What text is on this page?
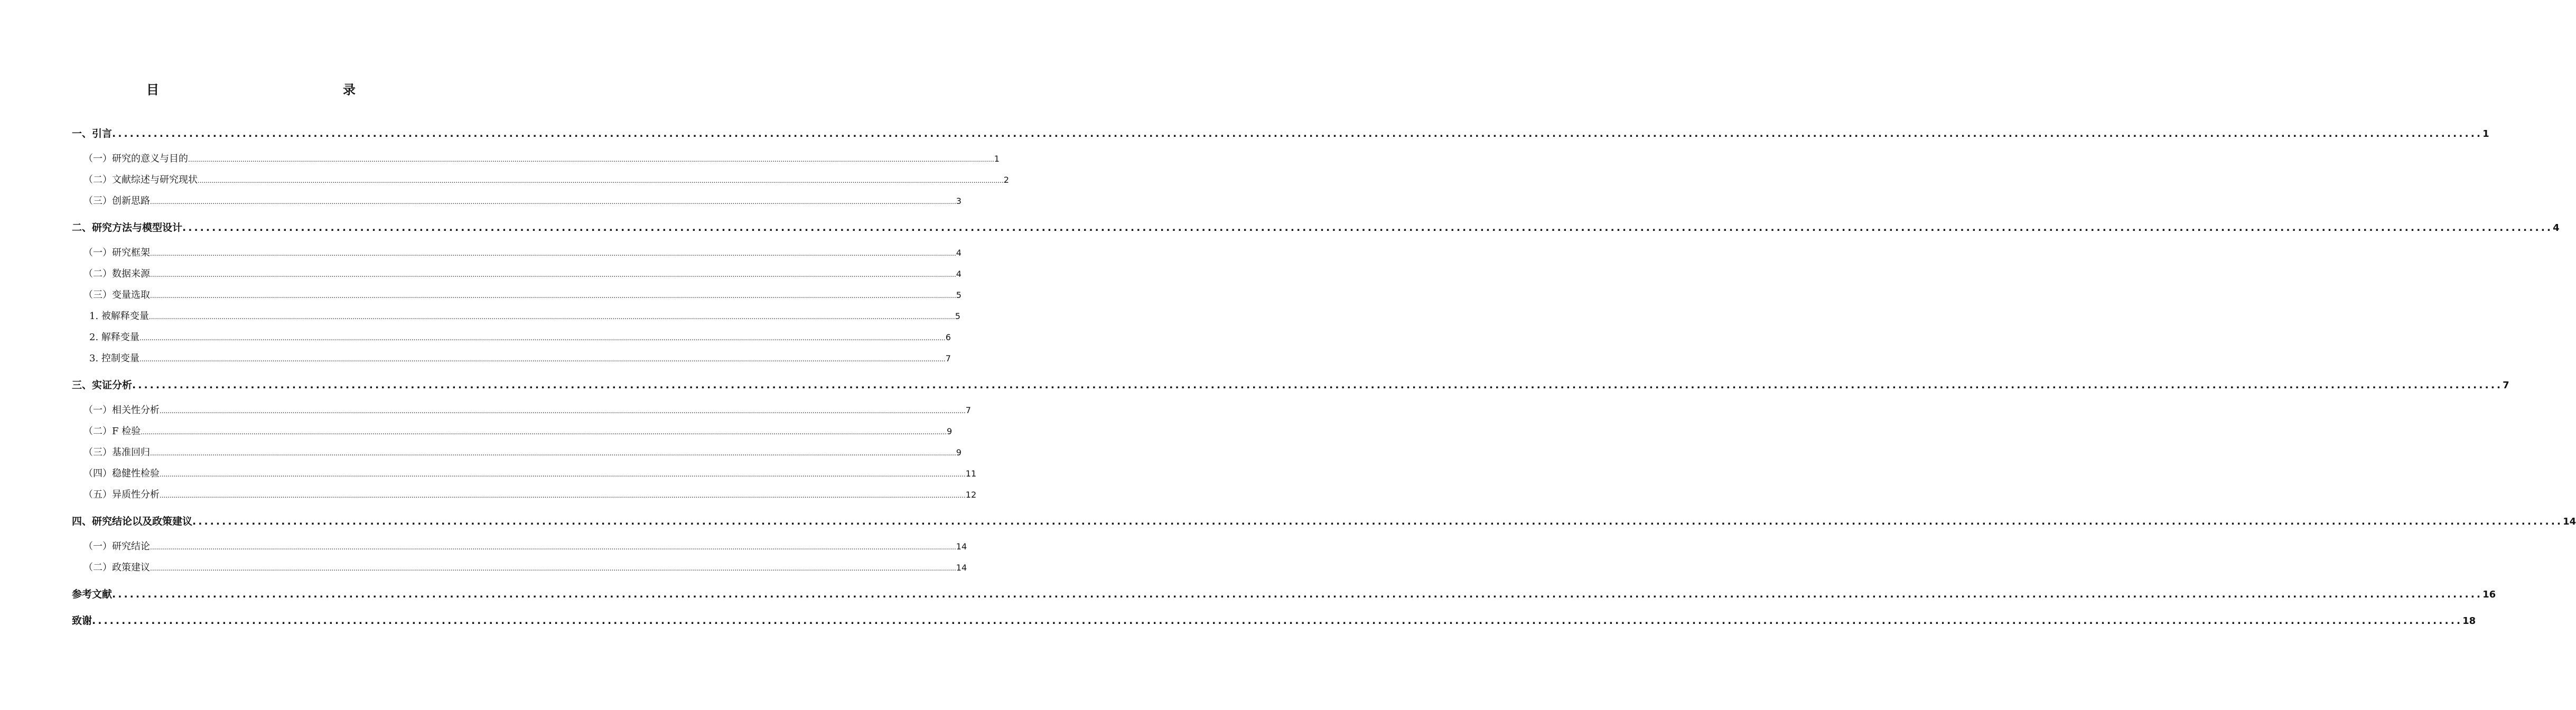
目　　录
一、引言 ................................................................................................................................................................................................................................................................................................................................................................................................................ 1
（一）研究的意义与目的 ................................................................................................................................................................................................................................................................................................................................................................................................................ 1
（二）文献综述与研究现状 ................................................................................................................................................................................................................................................................................................................................................................................................................ 2
（三）创新思路 ................................................................................................................................................................................................................................................................................................................................................................................................................ 3
二、研究方法与模型设计 ................................................................................................................................................................................................................................................................................................................................................................................................................ 4
（一）研究框架 ................................................................................................................................................................................................................................................................................................................................................................................................................ 4
（二）数据来源 ................................................................................................................................................................................................................................................................................................................................................................................................................ 4
（三）变量选取 ................................................................................................................................................................................................................................................................................................................................................................................................................ 5
1. 被解释变量 ................................................................................................................................................................................................................................................................................................................................................................................................................ 5
2. 解释变量 ................................................................................................................................................................................................................................................................................................................................................................................................................ 6
3. 控制变量 ................................................................................................................................................................................................................................................................................................................................................................................................................ 7
三、实证分析 ................................................................................................................................................................................................................................................................................................................................................................................................................ 7
（一）相关性分析 ................................................................................................................................................................................................................................................................................................................................................................................................................ 7
（二）F 检验 ................................................................................................................................................................................................................................................................................................................................................................................................................ 9
（三）基准回归 ................................................................................................................................................................................................................................................................................................................................................................................................................ 9
（四）稳健性检验 ................................................................................................................................................................................................................................................................................................................................................................................................................ 11
（五）异质性分析 ................................................................................................................................................................................................................................................................................................................................................................................................................ 12
四、研究结论以及政策建议 ................................................................................................................................................................................................................................................................................................................................................................................................................ 14
（一）研究结论 ................................................................................................................................................................................................................................................................................................................................................................................................................ 14
（二）政策建议 ................................................................................................................................................................................................................................................................................................................................................................................................................ 14
参考文献 ................................................................................................................................................................................................................................................................................................................................................................................................................ 16
致谢 ................................................................................................................................................................................................................................................................................................................................................................................................................ 18
